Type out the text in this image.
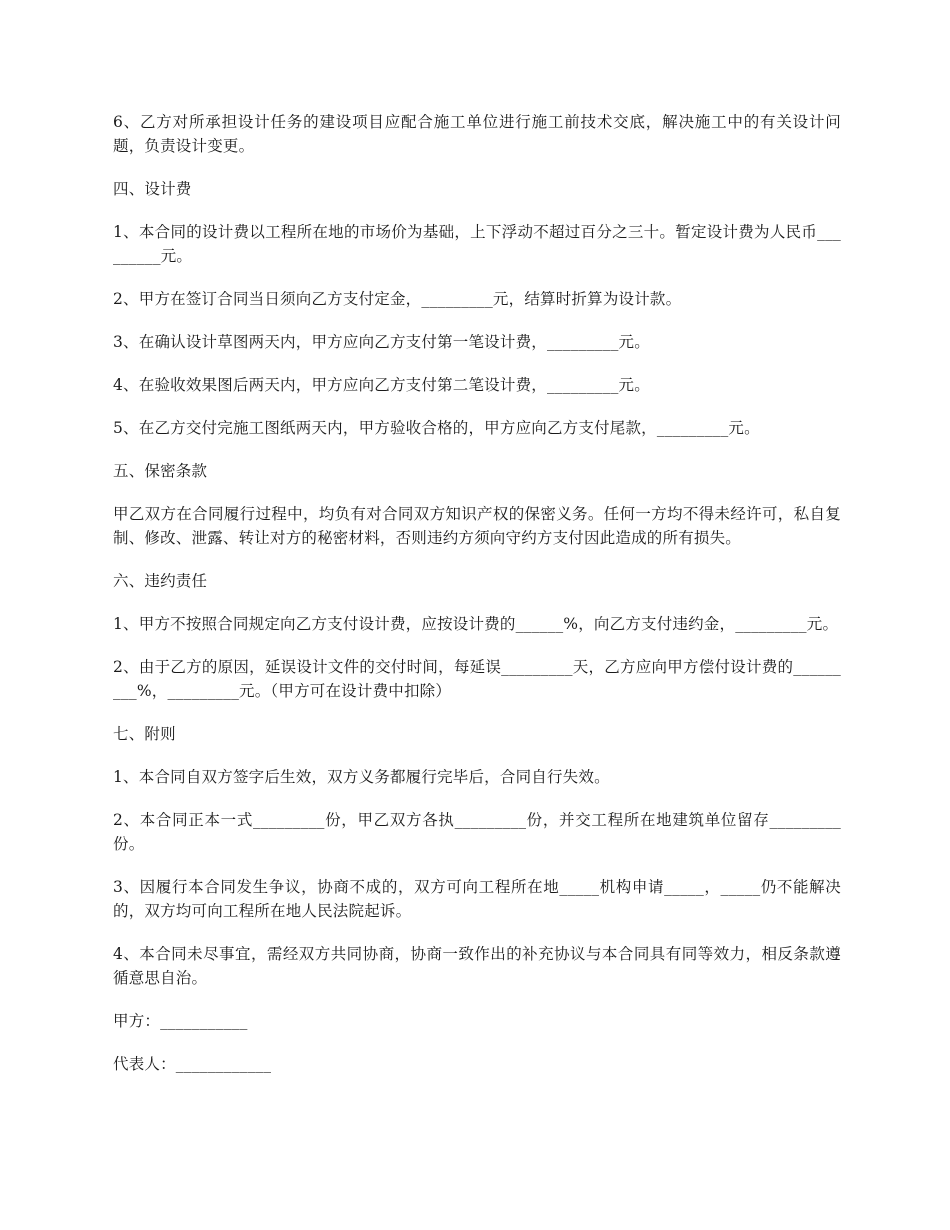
6、乙方对所承担设计任务的建设项目应配合施工单位进行施工前技术交底，解决施工中的有关设计问题，负责设计变更。

四、设计费

1、本合同的设计费以工程所在地的市场价为基础，上下浮动不超过百分之三十。暂定设计费为人民币_________元。

2、甲方在签订合同当日须向乙方支付定金，_________元，结算时折算为设计款。

3、在确认设计草图两天内，甲方应向乙方支付第一笔设计费，_________元。

4、在验收效果图后两天内，甲方应向乙方支付第二笔设计费，_________元。

5、在乙方交付完施工图纸两天内，甲方验收合格的，甲方应向乙方支付尾款，_________元。

五、保密条款

甲乙双方在合同履行过程中，均负有对合同双方知识产权的保密义务。任何一方均不得未经许可，私自复制、修改、泄露、转让对方的秘密材料，否则违约方须向守约方支付因此造成的所有损失。

六、违约责任

1、甲方不按照合同规定向乙方支付设计费，应按设计费的______%，向乙方支付违约金，_________元。

2、由于乙方的原因，延误设计文件的交付时间，每延误_________天，乙方应向甲方偿付设计费的_________%，_________元。（甲方可在设计费中扣除）

七、附则

1、本合同自双方签字后生效，双方义务都履行完毕后，合同自行失效。

2、本合同正本一式_________份，甲乙双方各执_________份，并交工程所在地建筑单位留存_________份。

3、因履行本合同发生争议，协商不成的，双方可向工程所在地_____机构申请_____，_____仍不能解决的，双方均可向工程所在地人民法院起诉。

4、本合同未尽事宜，需经双方共同协商，协商一致作出的补充协议与本合同具有同等效力，相反条款遵循意思自治。

甲方：___________

代表人：____________
